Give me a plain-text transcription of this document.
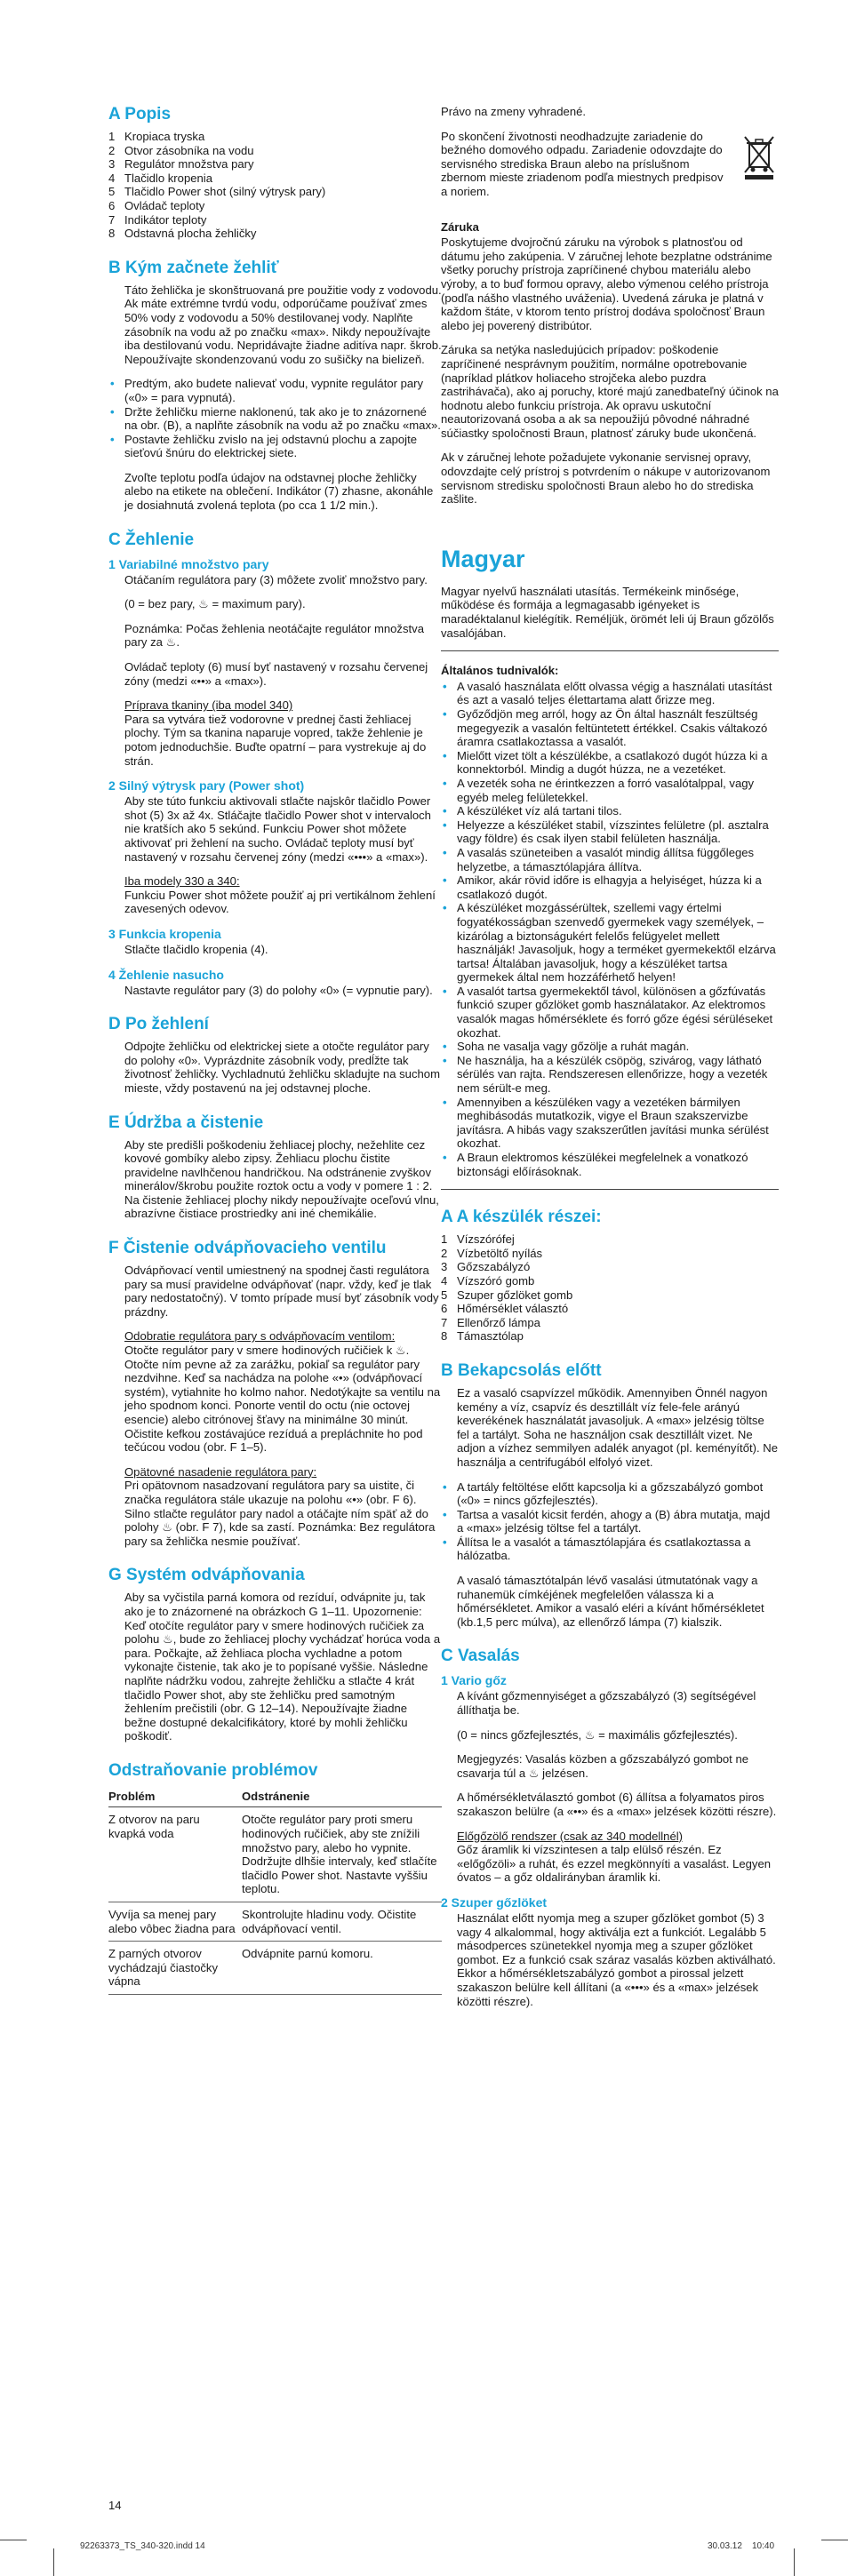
A Popis
1 Kropiaca tryska
2 Otvor zásobníka na vodu
3 Regulátor množstva pary
4 Tlačidlo kropenia
5 Tlačidlo Power shot (silný výtrysk pary)
6 Ovládač teploty
7 Indikátor teploty
8 Odstavná plocha žehličky
B Kým začnete žehliť

Táto žehlička je skonštruovaná pre použitie vody z vodovodu. Ak máte extrémne tvrdú vodu, odporúčame používať zmes 50% vody z vodovodu a 50% destilovanej vody. Naplňte zásobník na vodu až po značku «max». Nikdy nepoužívajte iba destilovanú vodu. Nepridávajte žiadne aditíva napr. škrob. Nepoužívajte skondenzovanú vodu zo sušičky na bielizeň.

• Predtým, ako budete nalievať vodu, vypnite regulátor pary («0» = para vypnutá).
• Držte žehličku mierne naklonenú, tak ako je to znázornené na obr. (B), a naplňte zásobník na vodu až po značku «max».
• Postavte žehličku zvislo na jej odstavnú plochu a zapojte sieťovú šnúru do elektrickej siete.

Zvoľte teplotu podľa údajov na odstavnej ploche žehličky alebo na etikete na oblečení. Indikátor (7) zhasne, akonáhle je dosiahnutá zvolená teplota (po cca 1 1/2 min.).

C Žehlenie
1 Variabilné množstvo pary

Otáčaním regulátora pary (3) môžete zvoliť množstvo pary.

(0 = bez pary, ♨ = maximum pary).

Poznámka: Počas žehlenia neotáčajte regulátor množstva pary za ♨.

Ovládač teploty (6) musí byť nastavený v rozsahu červenej zóny (medzi «••» a «max»).

Príprava tkaniny (iba model 340)

Para sa vytvára tiež vodorovne v prednej časti žehliacej plochy. Tým sa tkanina naparuje vopred, takže žehlenie je potom jednoduchšie. Buďte opatrní – para vystrekuje aj do strán.

2 Silný výtrysk pary (Power shot)

Aby ste túto funkciu aktivovali stlačte najskôr tlačidlo Power shot (5) 3x až 4x. Stláčajte tlačidlo Power shot v intervaloch nie kratších ako 5 sekúnd. Funkciu Power shot môžete aktivovať pri žehlení na sucho. Ovládač teploty musí byť nastavený v rozsahu červenej zóny (medzi «•••» a «max»).

Iba modely 330 a 340:

Funkciu Power shot môžete použiť aj pri vertikálnom žehlení zavesených odevov.

3 Funkcia kropenia

Stlačte tlačidlo kropenia (4).

4 Žehlenie nasucho

Nastavte regulátor pary (3) do polohy «0» (= vypnutie pary).

D Po žehlení

Odpojte žehličku od elektrickej siete a otočte regulátor pary do polohy «0». Vyprázdnite zásobník vody, predĺžte tak životnosť žehličky. Vychladnutú žehličku skladujte na suchom mieste, vždy postavenú na jej odstavnej ploche.

E Údržba a čistenie

Aby ste predišli poškodeniu žehliacej plochy, nežehlite cez kovové gombíky alebo zipsy. Žehliacu plochu čistite pravidelne navlhčenou handričkou. Na odstránenie zvyškov minerálov/škrobu použite roztok octu a vody v pomere 1 : 2. Na čistenie žehliacej plochy nikdy nepoužívajte oceľovú vlnu, abrazívne čistiace prostriedky ani iné chemikálie.

F Čistenie odvápňovacieho ventilu

Odvápňovací ventil umiestnený na spodnej časti regulátora pary sa musí pravidelne odvápňovať (napr. vždy, keď je tlak pary nedostatočný). V tomto prípade musí byť zásobník vody prázdny.

Odobratie regulátora pary s odvápňovacím ventilom:

Otočte regulátor pary v smere hodinových ručičiek k ♨. Otočte ním pevne až za zarážku, pokiaľ sa regulátor pary nezdvihne. Keď sa nachádza na polohe «•» (odvápňovací systém), vytiahnite ho kolmo nahor. Nedotýkajte sa ventilu na jeho spodnom konci. Ponorte ventil do octu (nie octovej esencie) alebo citrónovej šťavy na minimálne 30 minút. Očistite kefkou zostávajúce rezíduá a prepláchnite ho pod tečúcou vodou (obr. F 1–5).

Opätovné nasadenie regulátora pary:

Pri opätovnom nasadzovaní regulátora pary sa uistite, či značka regulátora stále ukazuje na polohu «•» (obr. F 6). Silno stlačte regulátor pary nadol a otáčajte ním späť až do polohy ♨ (obr. F 7), kde sa zastí. Poznámka: Bez regulátora pary sa žehlička nesmie používať.

G Systém odvápňovania

Aby sa vyčistila parná komora od rezíduí, odvápnite ju, tak ako je to znázornené na obrázkoch G 1–11. Upozornenie: Keď otočíte regulátor pary v smere hodinových ručičiek za polohu ♨, bude zo žehliacej plochy vychádzať horúca voda a para. Počkajte, až žehliaca plocha vychladne a potom vykonajte čistenie, tak ako je to popísané vyššie. Následne naplňte nádržku vodou, zahrejte žehličku a stlačte 4 krát tlačidlo Power shot, aby ste žehličku pred samotným žehlením prečistili (obr. G 12–14). Nepoužívajte žiadne bežne dostupné dekalcifikátory, ktoré by mohli žehličku poškodiť.

Odstraňovanie problémov
Problém	Odstránenie
Z otvorov na paru kvapká voda	Otočte regulátor pary proti smeru hodinových ručičiek, aby ste znížili množstvo pary, alebo ho vypnite. Dodržujte dlhšie intervaly, keď stlačíte tlačidlo Power shot. Nastavte vyššiu teplotu.
Vyvíja sa menej pary alebo vôbec žiadna para	Skontrolujte hladinu vody. Očistite odvápňovací ventil.
Z parných otvorov vychádzajú čiastočky vápna	Odvápnite parnú komoru.

Právo na zmeny vyhradené.

Po skončení životnosti neodhadzujte zariadenie do bežného domového odpadu. Zariadenie odovzdajte do servisného strediska Braun alebo na príslušnom zbernom mieste zriadenom podľa miestnych predpisov a noriem.

Záruka

Poskytujeme dvojročnú záruku na výrobok s platnosťou od dátumu jeho zakúpenia. V záručnej lehote bezplatne odstránime všetky poruchy prístroja zapríčinené chybou materiálu alebo výroby, a to buď formou opravy, alebo výmenou celého prístroja (podľa nášho vlastného uváženia). Uvedená záruka je platná v každom štáte, v ktorom tento prístroj dodáva spoločnosť Braun alebo jej poverený distribútor.

Záruka sa netýka nasledujúcich prípadov: poškodenie zapríčinené nesprávnym použitím, normálne opotrebovanie (napríklad plátkov holiaceho strojčeka alebo puzdra zastrihávača), ako aj poruchy, ktoré majú zanedbateľný účinok na hodnotu alebo funkciu prístroja. Ak opravu uskutoční neautorizovaná osoba a ak sa nepoužijú pôvodné náhradné súčiastky spoločnosti Braun, platnosť záruky bude ukončená.

Ak v záručnej lehote požadujete vykonanie servisnej opravy, odovzdajte celý prístroj s potvrdením o nákupe v autorizovanom servisnom stredisku spoločnosti Braun alebo ho do strediska zašlite.

Magyar

Magyar nyelvű használati utasítás. Termékeink minősége, működése és formája a legmagasabb igényeket is maradéktalanul kielégítik. Reméljük, örömét leli új Braun gőzölős vasalójában.

Általános tudnivalók:
• A vasaló használata előtt olvassa végig a használati utasítást és azt a vasaló teljes élettartama alatt őrizze meg.
• Győződjön meg arról, hogy az Ön által használt feszültség megegyezik a vasalón feltüntetett értékkel. Csakis váltakozó áramra csatlakoztassa a vasalót.
• Mielőtt vizet tölt a készülékbe, a csatlakozó dugót húzza ki a konnektorból. Mindig a dugót húzza, ne a vezetéket.
• A vezeték soha ne érintkezzen a forró vasalótalppal, vagy egyéb meleg felületekkel.
• A készüléket víz alá tartani tilos.
• Helyezze a készüléket stabil, vízszintes felületre (pl. asztalra vagy földre) és csak ilyen stabil felületen használja.
• A vasalás szüneteiben a vasalót mindig állítsa függőleges helyzetbe, a támasztólapjára állítva.
• Amikor, akár rövid időre is elhagyja a helyiséget, húzza ki a csatlakozó dugót.
• A készüléket mozgássérültek, szellemi vagy értelmi fogyatékosságban szenvedő gyermekek vagy személyek, – kizárólag a biztonságukért felelős felügyelet mellett használják! Javasoljuk, hogy a terméket gyermekektől elzárva tartsa! Általában javasoljuk, hogy a készüléket tartsa gyermekek által nem hozzáférhető helyen!
• A vasalót tartsa gyermekektől távol, különösen a gőzfúvatás funkció szuper gőzlöket gomb használatakor. Az elektromos vasalók magas hőmérséklete és forró gőze égési sérüléseket okozhat.
• Soha ne vasalja vagy gőzölje a ruhát magán.
• Ne használja, ha a készülék csöpög, szivárog, vagy látható sérülés van rajta. Rendszeresen ellenőrizze, hogy a vezeték nem sérült-e meg.
• Amennyiben a készüléken vagy a vezetéken bármilyen meghibásodás mutatkozik, vigye el Braun szakszervizbe javításra. A hibás vagy szakszerűtlen javítási munka sérülést okozhat.
• A Braun elektromos készülékei megfelelnek a vonatkozó biztonsági előírásoknak.
A A készülék részei:
1 Vízszórófej
2 Vízbetöltő nyílás
3 Gőzszabályzó
4 Vízszóró gomb
5 Szuper gőzlöket gomb
6 Hőmérséklet választó
7 Ellenőrző lámpa
8 Támasztólap
B Bekapcsolás előtt

Ez a vasaló csapvízzel működik. Amennyiben Önnél nagyon kemény a víz, csapvíz és desztillált víz fele-fele arányú keverékének használatát javasoljuk. A «max» jelzésig töltse fel a tartályt. Soha ne használjon csak desztillált vizet. Ne adjon a vízhez semmilyen adalék anyagot (pl. keményítőt). Ne használja a centrifugából elfolyó vizet.

• A tartály feltöltése előtt kapcsolja ki a gőzszabályzó gombot («0» = nincs gőzfejlesztés).
• Tartsa a vasalót kicsit ferdén, ahogy a (B) ábra mutatja, majd a «max» jelzésig töltse fel a tartályt.
• Állítsa le a vasalót a támasztólapjára és csatlakoztassa a hálózatba.

A vasaló támasztótalpán lévő vasalási útmutatónak vagy a ruhanemük címkéjének megfelelően válassza ki a hőmérsékletet. Amikor a vasaló eléri a kívánt hőmérsékletet (kb.1,5 perc múlva), az ellenőrző lámpa (7) kialszik.

C Vasalás
1 Vario gőz

A kívánt gőzmennyiséget a gőzszabályzó (3) segítségével állíthatja be.

(0 = nincs gőzfejlesztés, ♨ = maximális gőzfejlesztés).

Megjegyzés: Vasalás közben a gőzszabályzó gombot ne csavarja túl a ♨ jelzésen.

A hőmérsékletválasztó gombot (6) állítsa a folyamatos piros szakaszon belülre (a «••» és a «max» jelzések közötti részre).

Előgőzölő rendszer (csak az 340 modellnél)

Gőz áramlik ki vízszintesen a talp elülső részén. Ez «előgőzöli» a ruhát, és ezzel megkönnyíti a vasalást. Legyen óvatos – a gőz oldalirányban áramlik ki.

2 Szuper gőzlöket

Használat előtt nyomja meg a szuper gőzlöket gombot (5) 3 vagy 4 alkalommal, hogy aktiválja ezt a funkciót. Legalább 5 másodperces szünetekkel nyomja meg a szuper gőzlöket gombot. Ez a funkció csak száraz vasalás közben aktiválható. Ekkor a hőmérsékletszabályzó gombot a pirossal jelzett szakaszon belülre kell állítani (a «•••» és a «max» jelzések közötti részre).

14
92263373_TS_340-320.indd 14	30.03.12 10:40
